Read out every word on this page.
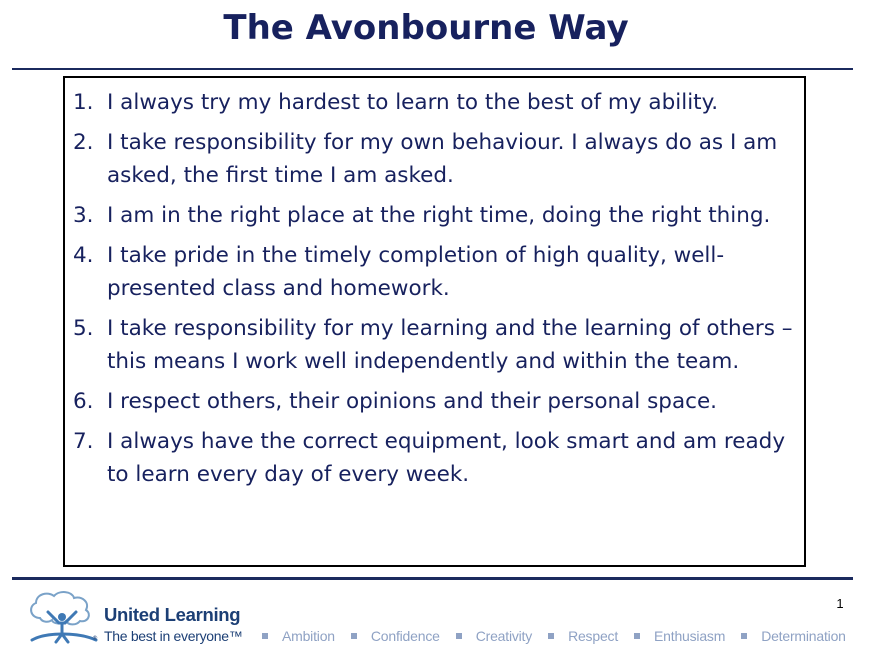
The Avonbourne Way
1. I always try my hardest to learn to the best of my ability.
2. I take responsibility for my own behaviour. I always do as I am asked, the first time I am asked.
3. I am in the right place at the right time, doing the right thing.
4. I take pride in the timely completion of high quality, well-presented class and homework.
5. I take responsibility for my learning and the learning of others – this means I work well independently and within the team.
6. I respect others, their opinions and their personal space.
7. I always have the correct equipment, look smart and am ready to learn every day of every week.
1
®
United Learning
The best in everyone™	Ambition	Confidence	Creativity	Respect	Enthusiasm	Determination
